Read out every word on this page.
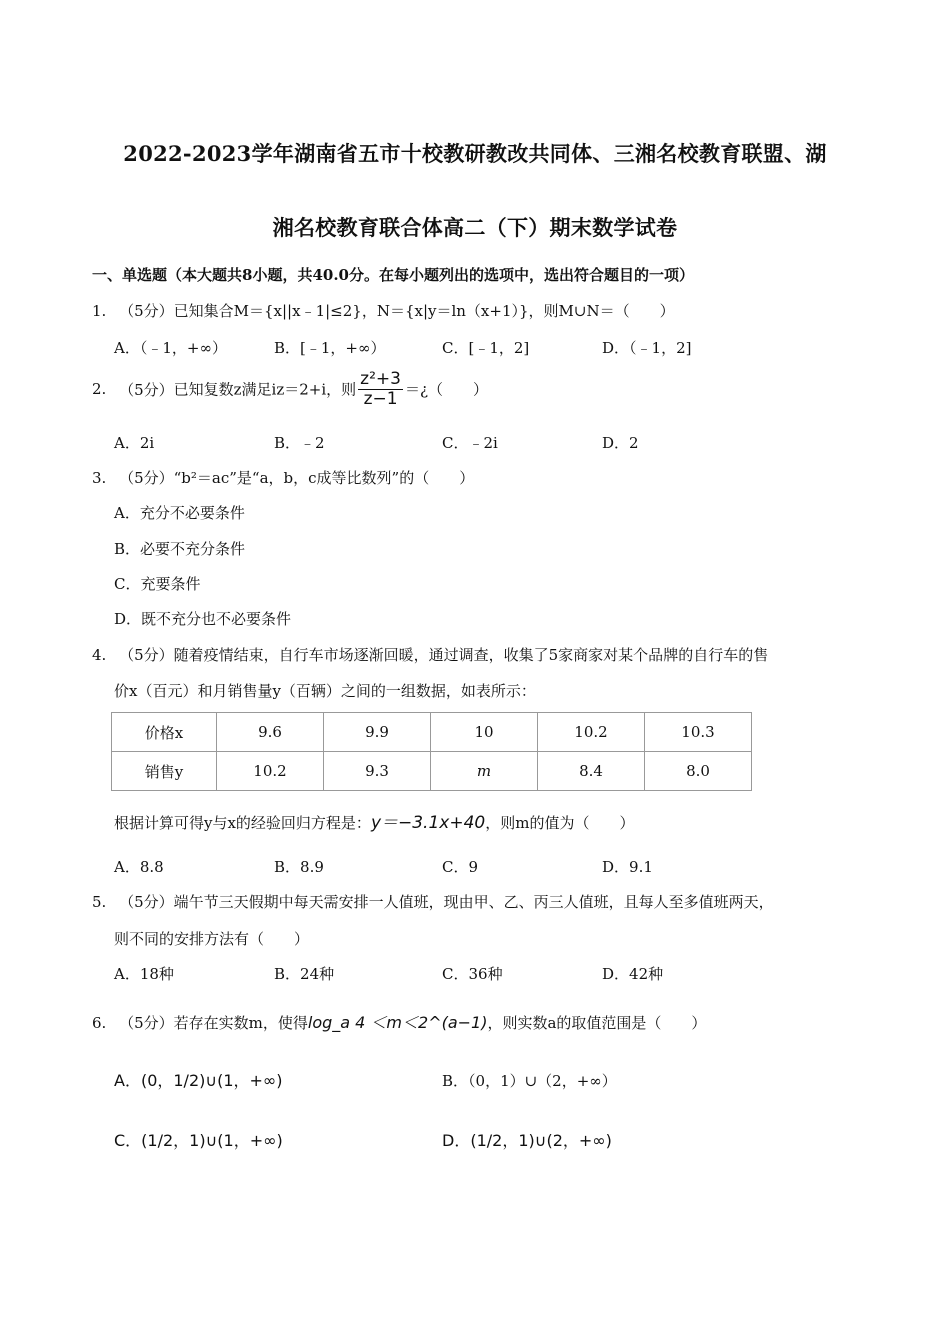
2022-2023学年湖南省五市十校教研教改共同体、三湘名校教育联盟、湖
湘名校教育联合体高二（下）期末数学试卷
一、单选题（本大题共8小题，共40.0分。在每小题列出的选项中，选出符合题目的一项）
1. （5分）已知集合M＝{x||x﹣1|≤2}，N＝{x|y＝ln（x+1）}，则M∪N＝（　　）
A．（﹣1，+∞）	B．[﹣1，+∞）	C．[﹣1，2]	D．（﹣1，2]
2. （5分）已知复数z满足iz＝2+i，则 $\frac{\text{z²+3}}{z-1}$ ＝¿（　　）
A．2i	B．﹣2	C．﹣2i	D．2
3. （5分）“b²＝ac”是“a，b，c成等比数列”的（　　）
A．充分不必要条件
B．必要不充分条件
C．充要条件
D．既不充分也不必要条件
4. （5分）随着疫情结束，自行车市场逐渐回暖，通过调查，收集了5家商家对某个品牌的自行车的售
价x（百元）和月销售量y（百辆）之间的一组数据，如表所示：
价格x	9.6	9.9	10	10.2	10.3
销售y	10.2	9.3	m	8.4	8.0
根据计算可得y与x的经验回归方程是：y＝−3.1x+40，则m的值为（　　）
A．8.8	B．8.9	C．9	D．9.1
5. （5分）端午节三天假期中每天需安排一人值班，现由甲、乙、丙三人值班，且每人至多值班两天，
则不同的安排方法有（　　）
A．18种	B．24种	C．36种	D．42种
6. （5分）若存在实数m，使得log_a 4 ＜m＜2^(a−1)，则实数a的取值范围是（　　）
A．(0，1/2)∪(1，+∞)	B．（0，1）∪（2，+∞）
C．(1/2，1)∪(1，+∞)	D．(1/2，1)∪(2，+∞)
